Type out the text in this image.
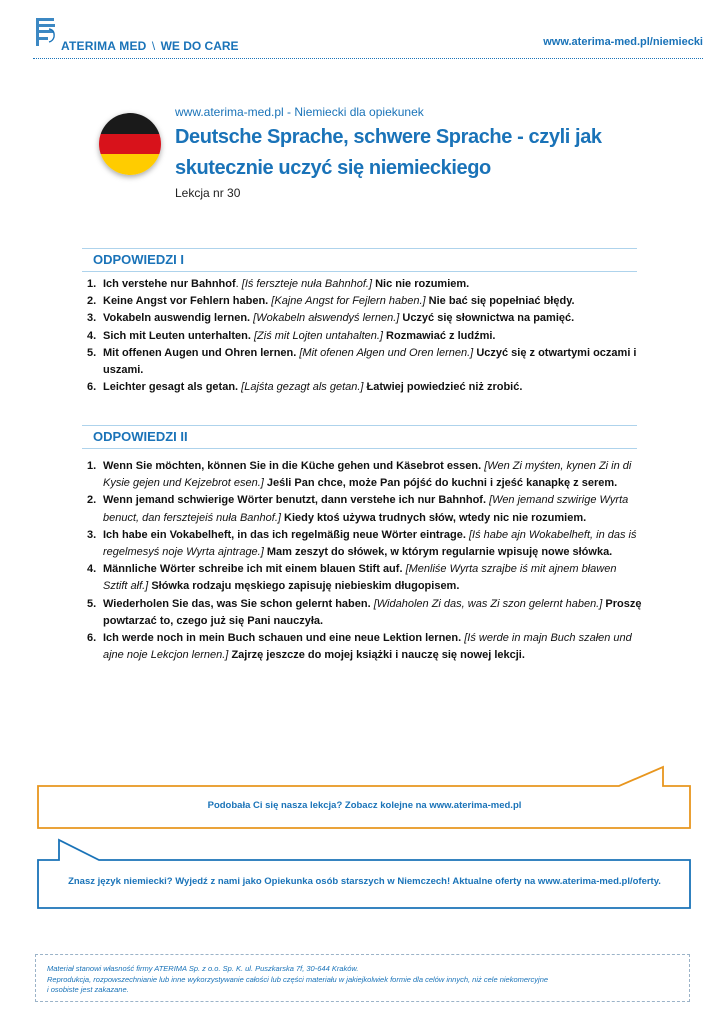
ATERIMA MED \ WE DO CARE	www.aterima-med.pl/niemiecki
www.aterima-med.pl - Niemiecki dla opiekunek
Deutsche Sprache, schwere Sprache - czyli jak skutecznie uczyć się niemieckiego
Lekcja nr 30
ODPOWIEDZI I
1. Ich verstehe nur Bahnhof. [Iś ferszteje nuła Bahnhof.] Nic nie rozumiem.
2. Keine Angst vor Fehlern haben. [Kajne Angst for Fejlern haben.] Nie bać się popełniać błędy.
3. Vokabeln auswendig lernen. [Wokabeln ałswendyś lernen.] Uczyć się słownictwa na pamięć.
4. Sich mit Leuten unterhalten. [Ziś mit Lojten untahalten.] Rozmawiać z ludźmi.
5. Mit offenen Augen und Ohren lernen. [Mit ofenen Ałgen und Oren lernen.] Uczyć się z otwartymi oczami i uszami.
6. Leichter gesagt als getan. [Lajśta gezagt als getan.] Łatwiej powiedzieć niż zrobić.
ODPOWIEDZI II
1. Wenn Sie möchten, können Sie in die Küche gehen und Käsebrot essen. [Wen Zi myśten, kynen Zi in di Kysie gejen und Kejzebrot esen.] Jeśli Pan chce, może Pan pójść do kuchni i zjeść kanapkę z serem.
2. Wenn jemand schwierige Wörter benutzt, dann verstehe ich nur Bahnhof. [Wen jemand szwirige Wyrta benuct, dan fersztejeiś nuła Banhof.] Kiedy ktoś używa trudnych słów, wtedy nic nie rozumiem.
3. Ich habe ein Vokabelheft, in das ich regelmäßig neue Wörter eintrage. [Iś habe ajn Wokabelheft, in das iś regelmesyś noje Wyrta ajntrage.] Mam zeszyt do słówek, w którym regularnie wpisuję nowe słówka.
4. Männliche Wörter schreibe ich mit einem blauen Stift auf. [Menliśe Wyrta szrajbe iś mit ajnem bławen Sztift ałf.] Słówka rodzaju męskiego zapisuję niebieskim długopisem.
5. Wiederholen Sie das, was Sie schon gelernt haben. [Widaholen Zi das, was Zi szon gelernt haben.] Proszę powtarzać to, czego już się Pani nauczyła.
6. Ich werde noch in mein Buch schauen und eine neue Lektion lernen. [Iś werde in majn Buch szałen und ajne noje Lekcjon lernen.] Zajrzę jeszcze do mojej książki i nauczę się nowej lekcji.
Podobała Ci się nasza lekcja? Zobacz kolejne na www.aterima-med.pl
Znasz język niemiecki? Wyjedź z nami jako Opiekunka osób starszych w Niemczech! Aktualne oferty na www.aterima-med.pl/oferty.
Materiał stanowi własność firmy ATERIMA Sp. z o.o. Sp. K. ul. Puszkarska 7f, 30-644 Kraków.
Reprodukcja, rozpowszechnianie lub inne wykorzystywanie całości lub części materiału w jakiejkolwiek formie dla celów innych, niż cele niekomercyjne
i osobiste jest zakazane.
